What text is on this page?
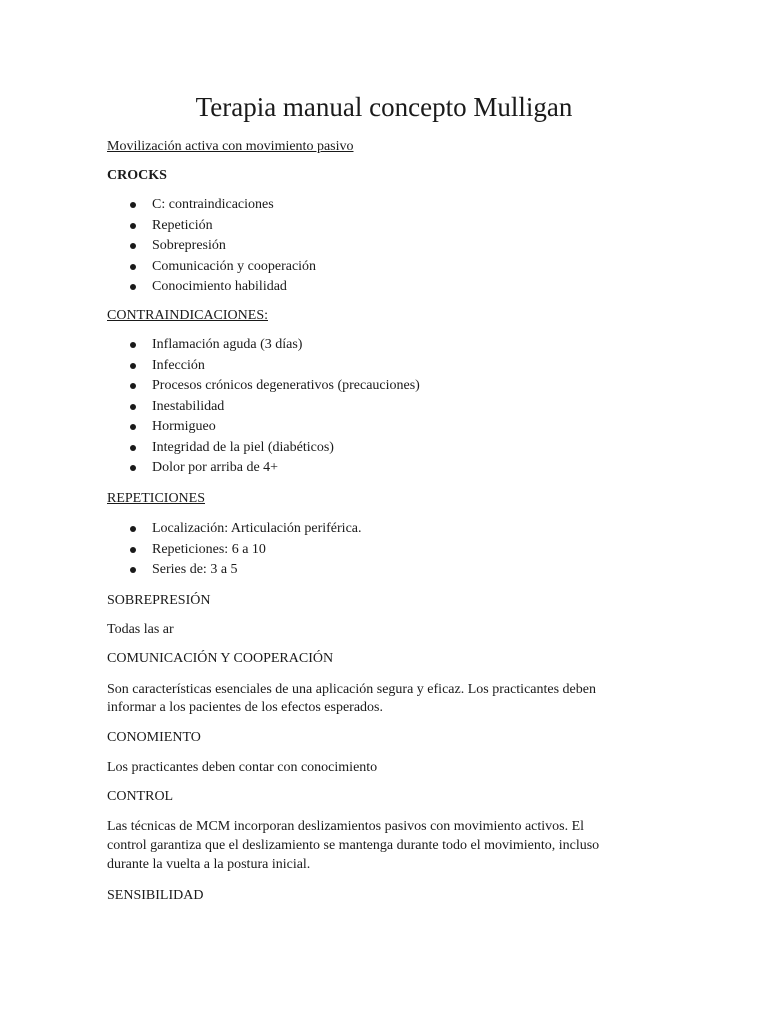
Terapia manual concepto Mulligan
Movilización activa con movimiento pasivo
CROCKS
C: contraindicaciones
Repetición
Sobrepresión
Comunicación y cooperación
Conocimiento habilidad
CONTRAINDICACIONES:
Inflamación aguda (3 días)
Infección
Procesos crónicos degenerativos (precauciones)
Inestabilidad
Hormigueo
Integridad de la piel (diabéticos)
Dolor por arriba de 4+
REPETICIONES
Localización: Articulación periférica.
Repeticiones: 6 a 10
Series de: 3 a 5
SOBREPRESIÓN
Todas las ar
COMUNICACIÓN Y COOPERACIÓN
Son características esenciales de una aplicación segura y eficaz. Los practicantes deben
informar a los pacientes de los efectos esperados.
CONOMIENTO
Los practicantes deben contar con conocimiento
CONTROL
Las técnicas de MCM incorporan deslizamientos pasivos con movimiento activos. El
control garantiza que el deslizamiento se mantenga durante todo el movimiento, incluso
durante la vuelta a la postura inicial.
SENSIBILIDAD
